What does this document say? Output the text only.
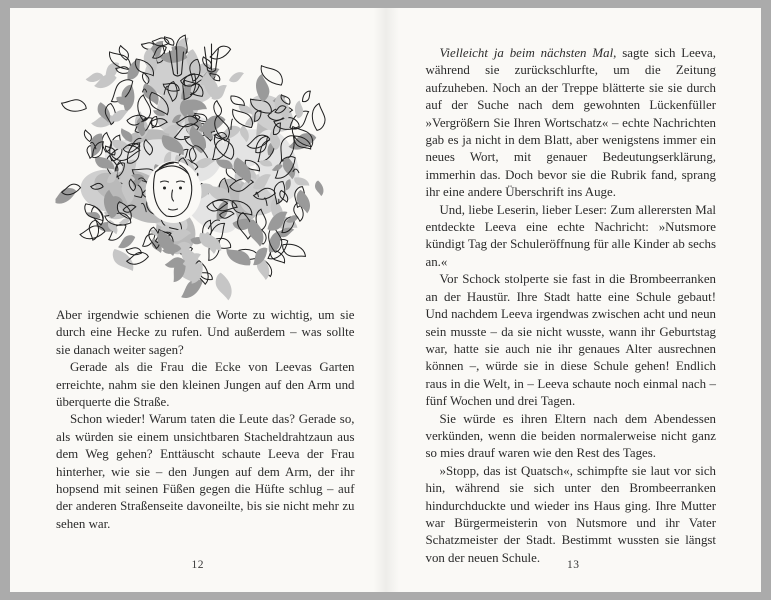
Aber irgendwie schienen die Worte zu wichtig, um sie durch eine Hecke zu rufen. Und außerdem – was sollte sie danach weiter sagen?

Gerade als die Frau die Ecke von Leevas Garten erreichte, nahm sie den kleinen Jungen auf den Arm und überquerte die Straße.

Schon wieder! Warum taten die Leute das? Gerade so, als würden sie einem unsichtbaren Stacheldrahtzaun aus dem Weg gehen? Enttäuscht schaute Leeva der Frau hinterher, wie sie – den Jungen auf dem Arm, der ihr hopsend mit seinen Füßen gegen die Hüfte schlug – auf der anderen Straßenseite davoneilte, bis sie nicht mehr zu sehen war.

12

Vielleicht ja beim nächsten Mal, sagte sich Leeva, während sie zurückschlurfte, um die Zeitung aufzuheben. Noch an der Treppe blätterte sie sie durch auf der Suche nach dem gewohnten Lückenfüller »Vergrößern Sie Ihren Wortschatz« – echte Nachrichten gab es ja nicht in dem Blatt, aber wenigstens immer ein neues Wort, mit genauer Bedeutungserklärung, immerhin das. Doch bevor sie die Rubrik fand, sprang ihr eine andere Überschrift ins Auge.

Und, liebe Leserin, lieber Leser: Zum allerersten Mal entdeckte Leeva eine echte Nachricht: »Nutsmore kündigt Tag der Schuleröffnung für alle Kinder ab sechs an.«

Vor Schock stolperte sie fast in die Brombeerranken an der Haustür. Ihre Stadt hatte eine Schule gebaut! Und nachdem Leeva irgendwas zwischen acht und neun sein musste – da sie nicht wusste, wann ihr Geburtstag war, hatte sie auch nie ihr genaues Alter ausrechnen können –, würde sie in diese Schule gehen! Endlich raus in die Welt, in – Leeva schaute noch einmal nach – fünf Wochen und drei Tagen.

Sie würde es ihren Eltern nach dem Abendessen verkünden, wenn die beiden normalerweise nicht ganz so mies drauf waren wie den Rest des Tages.

»Stopp, das ist Quatsch«, schimpfte sie laut vor sich hin, während sie sich unter den Brombeerranken hindurchduckte und wieder ins Haus ging. Ihre Mutter war Bürgermeisterin von Nutsmore und ihr Vater Schatzmeister der Stadt. Bestimmt wussten sie längst von der neuen Schule.

13
